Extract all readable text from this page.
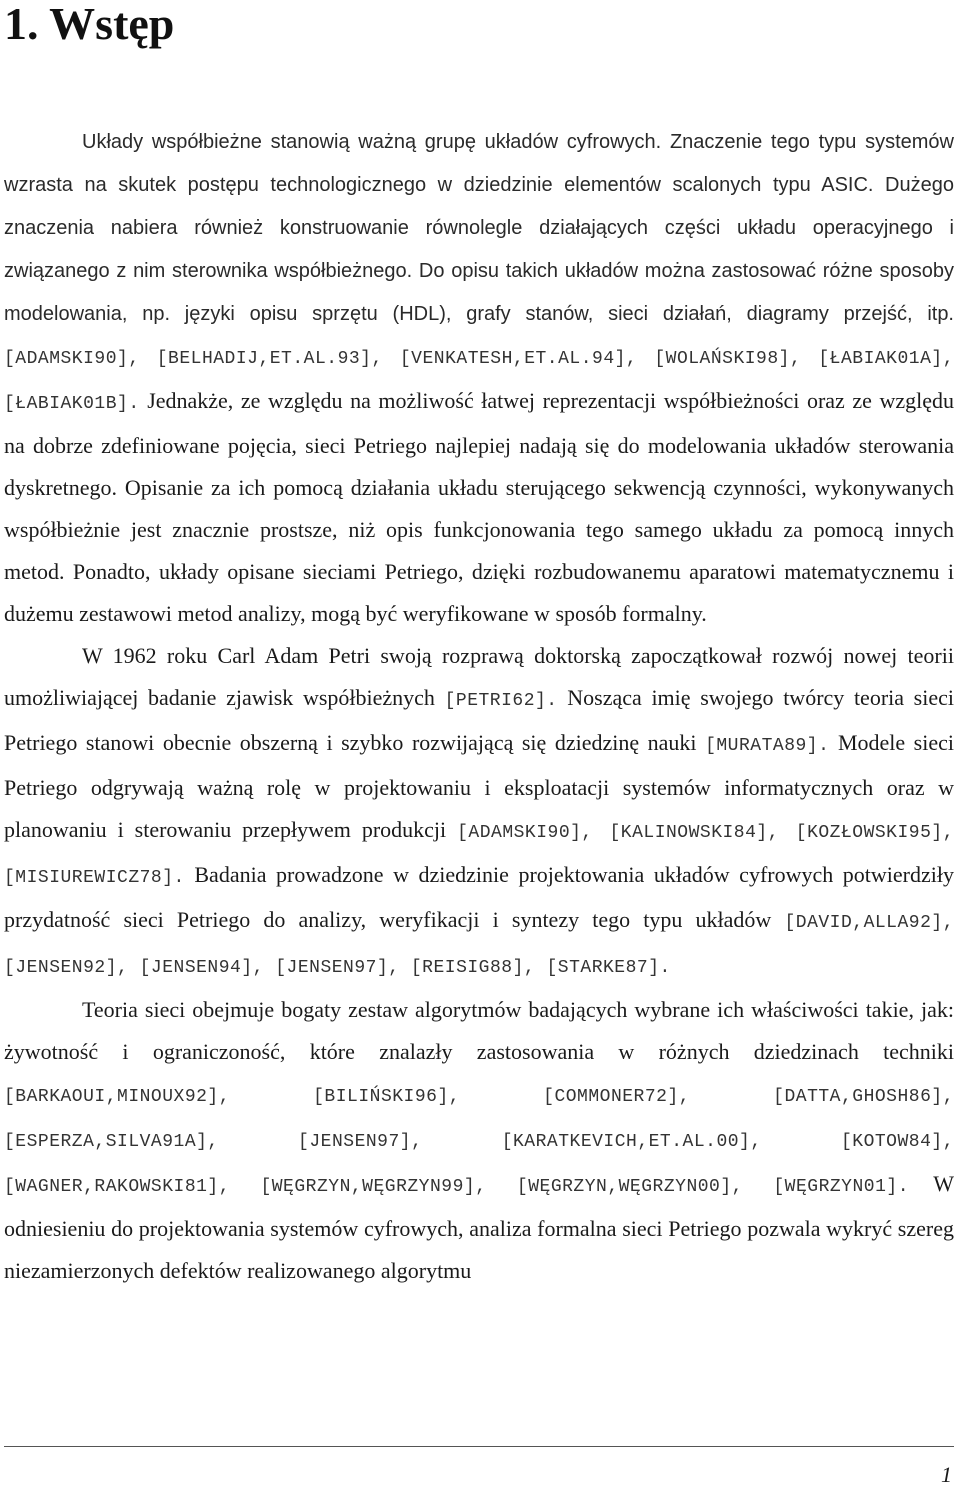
1. Wstęp

Układy współbieżne stanowią ważną grupę układów cyfrowych. Znaczenie tego typu systemów wzrasta na skutek postępu technologicznego w dziedzinie elementów scalonych typu ASIC. Dużego znaczenia nabiera również konstruowanie równolegle działających części układu operacyjnego i związanego z nim sterownika współbieżnego. Do opisu takich układów można zastosować różne sposoby modelowania, np. języki opisu sprzętu (HDL), grafy stanów, sieci działań, diagramy przejść, itp. [ADAMSKI90], [BELHADIJ,ET.AL.93], [VENKATESH,ET.AL.94], [WOLAŃSKI98], [ŁABIAK01A], [ŁABIAK01B]. Jednakże, ze względu na możliwość łatwej reprezentacji współbieżności oraz ze względu na dobrze zdefiniowane pojęcia, sieci Petriego najlepiej nadają się do modelowania układów sterowania dyskretnego. Opisanie za ich pomocą działania układu sterującego sekwencją czynności, wykonywanych współbieżnie jest znacznie prostsze, niż opis funkcjonowania tego samego układu za pomocą innych metod. Ponadto, układy opisane sieciami Petriego, dzięki rozbudowanemu aparatowi matematycznemu i dużemu zestawowi metod analizy, mogą być weryfikowane w sposób formalny.

W 1962 roku Carl Adam Petri swoją rozprawą doktorską zapoczątkował rozwój nowej teorii umożliwiającej badanie zjawisk współbieżnych [PETRI62]. Nosząca imię swojego twórcy teoria sieci Petriego stanowi obecnie obszerną i szybko rozwijającą się dziedzinę nauki [MURATA89]. Modele sieci Petriego odgrywają ważną rolę w projektowaniu i eksploatacji systemów informatycznych oraz w planowaniu i sterowaniu przepływem produkcji [ADAMSKI90], [KALINOWSKI84], [KOZŁOWSKI95], [MISIUREWICZ78]. Badania prowadzone w dziedzinie projektowania układów cyfrowych potwierdziły przydatność sieci Petriego do analizy, weryfikacji i syntezy tego typu układów [DAVID,ALLA92], [JENSEN92], [JENSEN94], [JENSEN97], [REISIG88], [STARKE87].

Teoria sieci obejmuje bogaty zestaw algorytmów badających wybrane ich właściwości takie, jak: żywotność i ograniczoność, które znalazły zastosowania w różnych dziedzinach techniki [BARKAOUI,MINOUX92], [BILIŃSKI96], [COMMONER72], [DATTA,GHOSH86], [ESPERZA,SILVA91A], [JENSEN97], [KARATKEVICH,ET.AL.00], [KOTOW84], [WAGNER,RAKOWSKI81], [WĘGRZYN,WĘGRZYN99], [WĘGRZYN,WĘGRZYN00], [WĘGRZYN01]. W odniesieniu do projektowania systemów cyfrowych, analiza formalna sieci Petriego pozwala wykryć szereg niezamierzonych defektów realizowanego algorytmu

1
